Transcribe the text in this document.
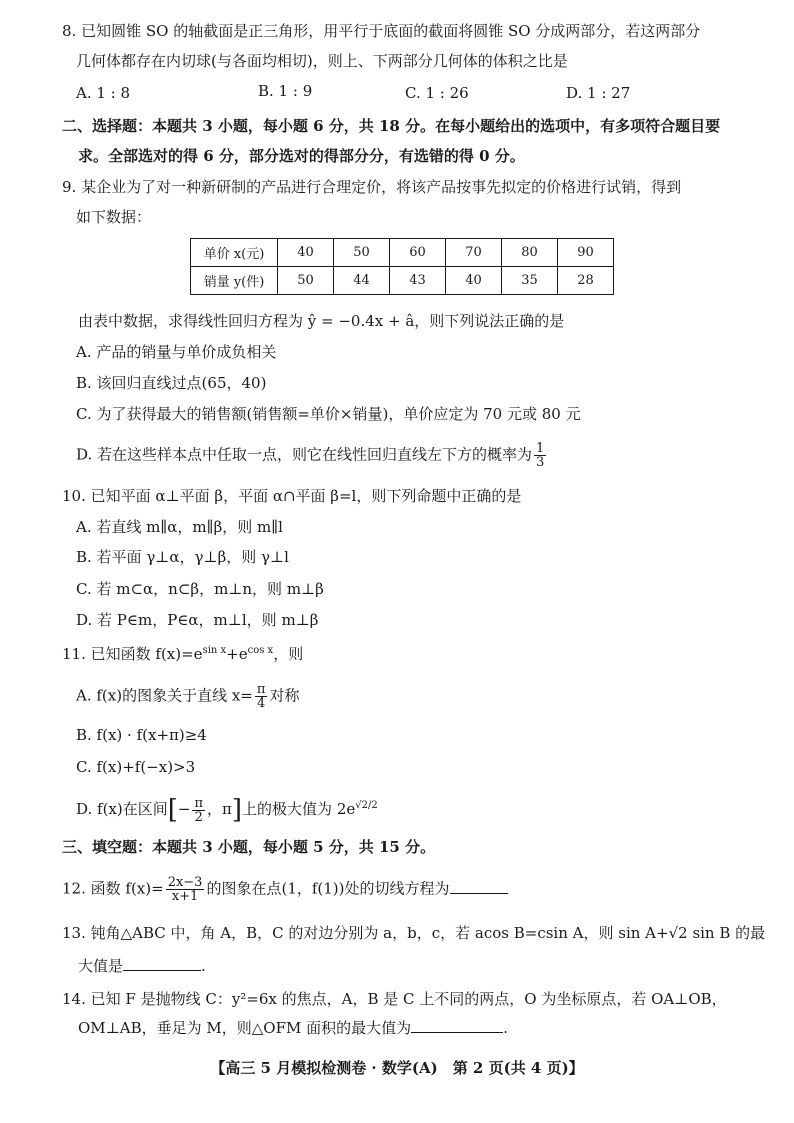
8. 已知圆锥 SO 的轴截面是正三角形，用平行于底面的截面将圆锥 SO 分成两部分，若这两部分
几何体都存在内切球(与各面均相切)，则上、下两部分几何体的体积之比是
A. 1 : 8	B. 1 : 9	C. 1 : 26	D. 1 : 27
二、选择题：本题共 3 小题，每小题 6 分，共 18 分。在每小题给出的选项中，有多项符合题目要
求。全部选对的得 6 分，部分选对的得部分分，有选错的得 0 分。
9. 某企业为了对一种新研制的产品进行合理定价，将该产品按事先拟定的价格进行试销，得到
如下数据：
单价 x(元)	40	50	60	70	80	90
销量 y(件)	50	44	43	40	35	28
由表中数据，求得线性回归方程为 ŷ = −0.4x + â，则下列说法正确的是
A. 产品的销量与单价成负相关
B. 该回归直线过点(65，40)
C. 为了获得最大的销售额(销售额=单价×销量)，单价应定为 70 元或 80 元
D. 若在这些样本点中任取一点，则它在线性回归直线左下方的概率为 $\frac{1}{3}$
10. 已知平面 α⊥平面 β，平面 α∩平面 β=l，则下列命题中正确的是
A. 若直线 m∥α，m∥β，则 m∥l
B. 若平面 γ⊥α，γ⊥β，则 γ⊥l
C. 若 m⊂α，n⊂β，m⊥n，则 m⊥β
D. 若 P∈m，P∈α，m⊥l，则 m⊥β
11. 已知函数 $f(x)=e^{sin x}+e^{cos x}$，则
A. f(x)的图象关于直线 $x= \frac{\pi}{4}$ 对称
B. f(x) · f(x+π)≥4
C. f(x)+f(−x)>3
D. f(x)在区间[− $\frac{\pi}{2}$ ，π]上的极大值为 $2e^{√2/2}$
三、填空题：本题共 3 小题，每小题 5 分，共 15 分。
12. 函数 $f(x)= \frac{2x-3}{x+1}$ 的图象在点(1，f(1))处的切线方程为
13. 钝角△ABC 中，角 A，B，C 的对边分别为 a，b，c，若 acos B=csin A，则 sin A+√2 sin B 的最
大值是	.
14. 已知 F 是抛物线 C：y²=6x 的焦点，A，B 是 C 上不同的两点，O 为坐标原点，若 OA⊥OB，
OM⊥AB，垂足为 M，则△OFM 面积的最大值为	.
【高三 5 月模拟检测卷 · 数学(A)　第 2 页(共 4 页)】
